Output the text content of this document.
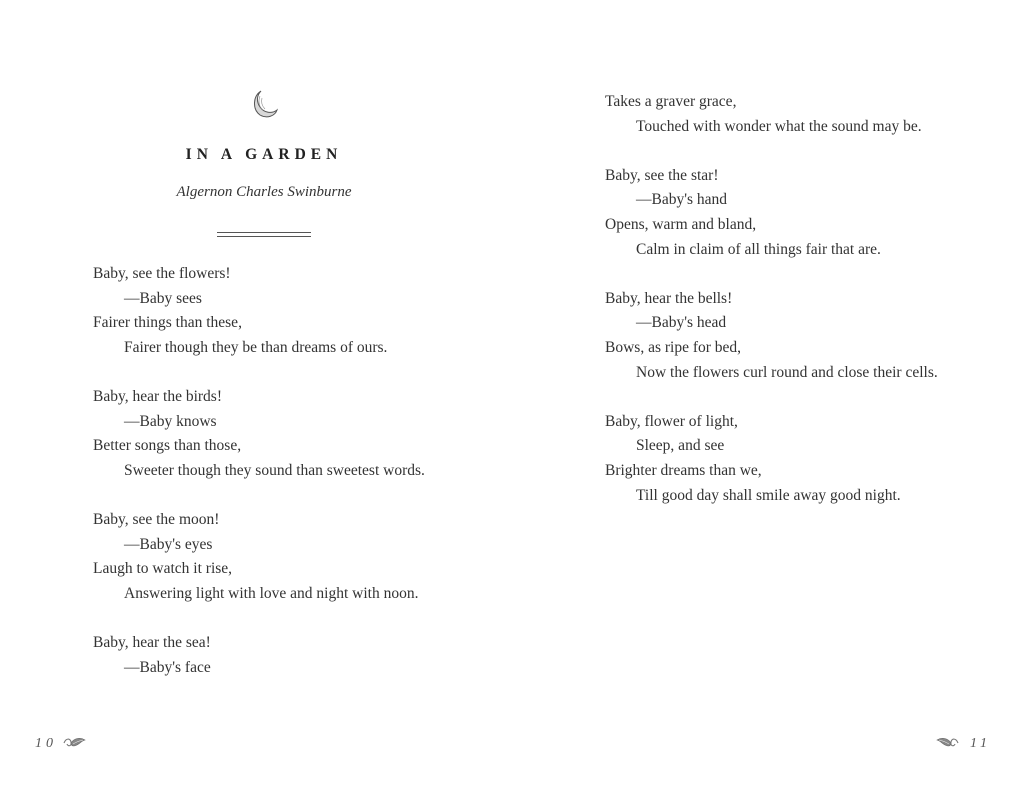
IN A GARDEN
Algernon Charles Swinburne
Baby, see the flowers!
—Baby sees
Fairer things than these,
Fairer though they be than dreams of ours.
Baby, hear the birds!
—Baby knows
Better songs than those,
Sweeter though they sound than sweetest words.
Baby, see the moon!
—Baby's eyes
Laugh to watch it rise,
Answering light with love and night with noon.
Baby, hear the sea!
—Baby's face
10
Takes a graver grace,
Touched with wonder what the sound may be.
Baby, see the star!
—Baby's hand
Opens, warm and bland,
Calm in claim of all things fair that are.
Baby, hear the bells!
—Baby's head
Bows, as ripe for bed,
Now the flowers curl round and close their cells.
Baby, flower of light,
Sleep, and see
Brighter dreams than we,
Till good day shall smile away good night.
11
